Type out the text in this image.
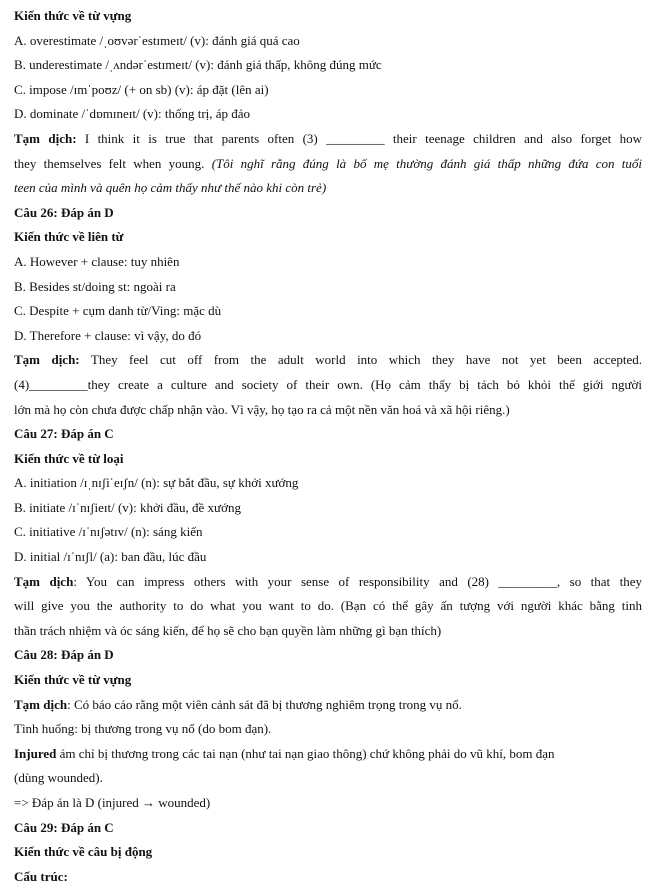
Kiến thức về từ vựng

A. overestimate /ˌoʊvərˈestɪmeɪt/ (v): đánh giá quá cao

B. underestimate /ˌʌndərˈestɪmeɪt/ (v): đánh giá thấp, không đúng mức

C. impose /ɪmˈpoʊz/ (+ on sb) (v): áp đặt (lên ai)

D. dominate /ˈdɒmɪneɪt/ (v): thống trị, áp đảo

Tạm dịch: I think it is true that parents often (3) _________ their teenage children and also forget how

they themselves felt when young. (Tôi nghĩ rằng đúng là bố mẹ thường đánh giá thấp những đứa con tuổi

teen của mình và quên họ cảm thấy như thế nào khi còn trẻ)

Câu 26: Đáp án D

Kiến thức về liên từ

A. However + clause: tuy nhiên

B. Besides st/doing st: ngoài ra

C. Despite + cụm danh từ/Ving: mặc dù

D. Therefore + clause: vì vậy, do đó

Tạm dịch: They feel cut off from the adult world into which they have not yet been accepted.

(4)_________they create a culture and society of their own. (Họ cảm thấy bị tách bỏ khỏi thế giới người

lớn mà họ còn chưa được chấp nhận vào. Vì vậy, họ tạo ra cả một nền văn hoá và xã hội riêng.)

Câu 27: Đáp án C

Kiến thức về từ loại

A. initiation /ɪˌnɪʃiˈeɪʃn/ (n): sự bắt đầu, sự khởi xướng

B. initiate /ɪˈnɪʃieɪt/ (v): khởi đầu, đề xướng

C. initiative /ɪˈnɪʃətɪv/ (n): sáng kiến

D. initial /ɪˈnɪʃl/ (a): ban đầu, lúc đầu

Tạm dịch: You can impress others with your sense of responsibility and (28) _________, so that they

will give you the authority to do what you want to do. (Bạn có thể gây ấn tượng với người khác bằng tinh

thần trách nhiệm và óc sáng kiến, để họ sẽ cho bạn quyền làm những gì bạn thích)

Câu 28: Đáp án D

Kiến thức về từ vựng

Tạm dịch: Có báo cáo rằng một viên cảnh sát đã bị thương nghiêm trọng trong vụ nổ.

Tình huống: bị thương trong vụ nổ (do bom đạn).

Injured ám chỉ bị thương trong các tai nạn (như tai nạn giao thông) chứ không phải do vũ khí, bom đạn

(dùng wounded).

=> Đáp án là D (injured → wounded)

Câu 29: Đáp án C

Kiến thức về câu bị động

Cấu trúc:
